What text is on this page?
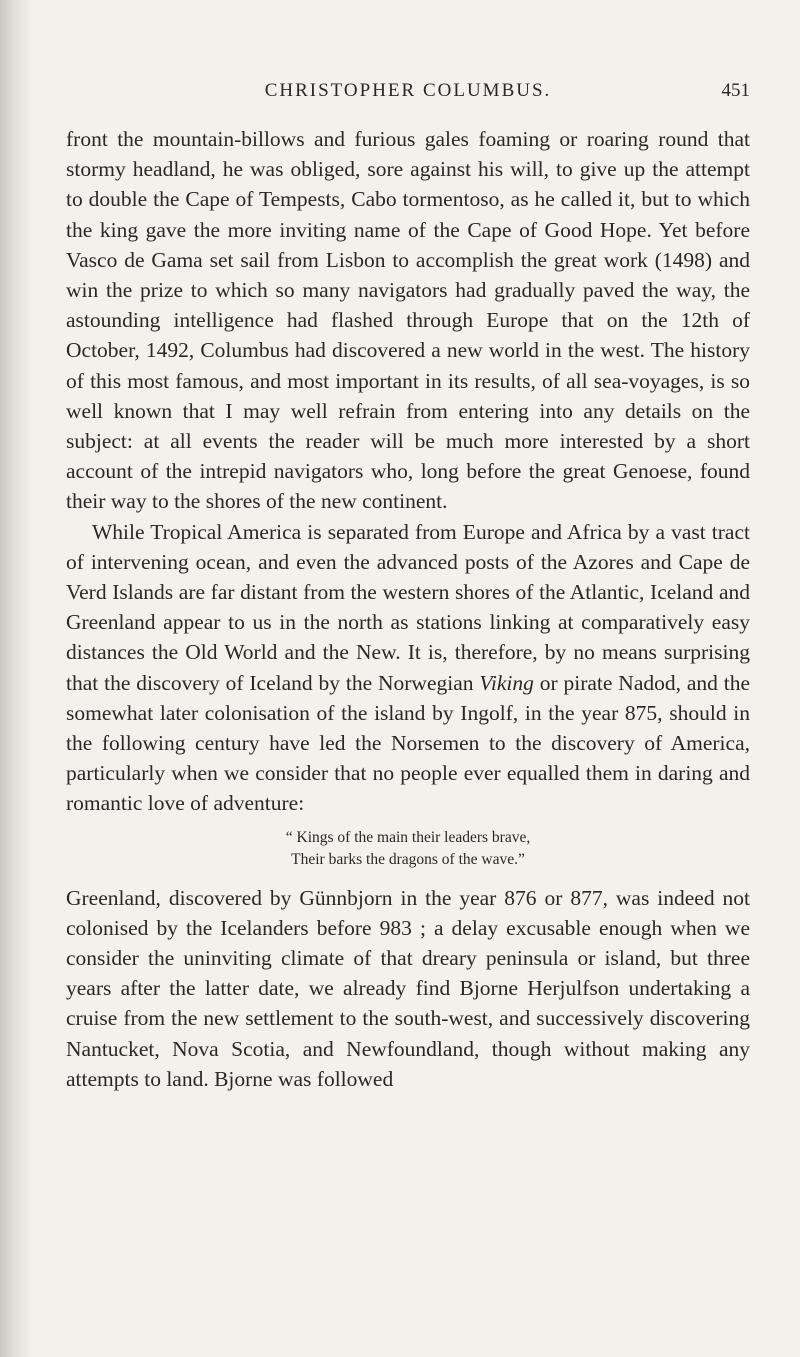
CHRISTOPHER COLUMBUS.	451

front the mountain-billows and furious gales foaming or roaring round that stormy headland, he was obliged, sore against his will, to give up the attempt to double the Cape of Tempests, Cabo tormentoso, as he called it, but to which the king gave the more inviting name of the Cape of Good Hope. Yet before Vasco de Gama set sail from Lisbon to accomplish the great work (1498) and win the prize to which so many navigators had gradually paved the way, the astounding intelligence had flashed through Europe that on the 12th of October, 1492, Columbus had discovered a new world in the west. The history of this most famous, and most important in its results, of all sea-voyages, is so well known that I may well refrain from entering into any details on the subject: at all events the reader will be much more interested by a short account of the intrepid navigators who, long before the great Genoese, found their way to the shores of the new continent.

While Tropical America is separated from Europe and Africa by a vast tract of intervening ocean, and even the advanced posts of the Azores and Cape de Verd Islands are far distant from the western shores of the Atlantic, Iceland and Greenland appear to us in the north as stations linking at comparatively easy distances the Old World and the New. It is, therefore, by no means surprising that the discovery of Iceland by the Norwegian Viking or pirate Nadod, and the somewhat later colonisation of the island by Ingolf, in the year 875, should in the following century have led the Norsemen to the discovery of America, particularly when we consider that no people ever equalled them in daring and romantic love of adventure:

“ Kings of the main their leaders brave,
Their barks the dragons of the wave.”

Greenland, discovered by Günnbjorn in the year 876 or 877, was indeed not colonised by the Icelanders before 983 ; a delay excusable enough when we consider the uninviting climate of that dreary peninsula or island, but three years after the latter date, we already find Bjorne Herjulfson undertaking a cruise from the new settlement to the south-west, and successively discovering Nantucket, Nova Scotia, and Newfoundland, though without making any attempts to land. Bjorne was followed
